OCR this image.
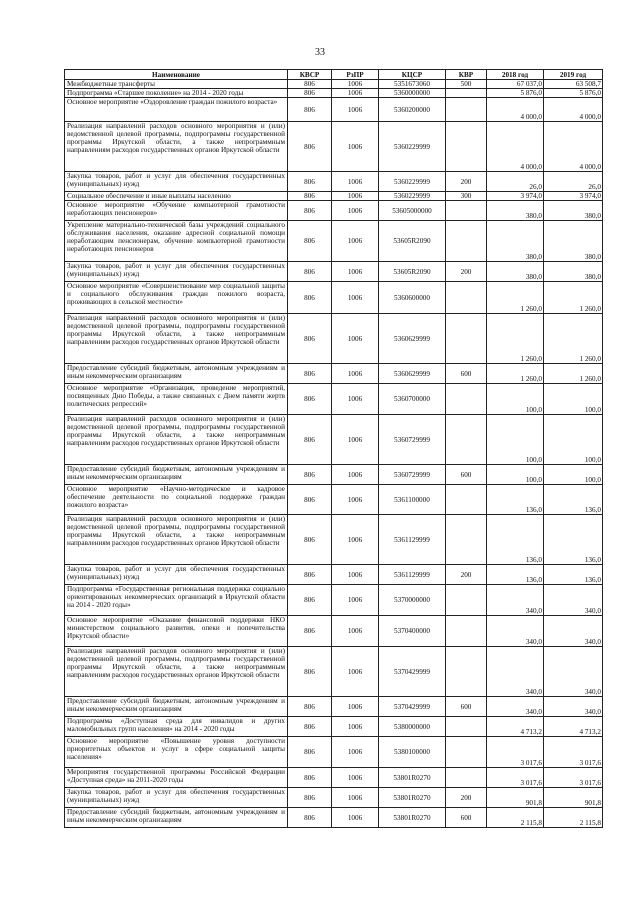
33
Наименование	КВСР	РзПР	КЦСР	КВР	2018 год	2019 год
Межбюджетные трансферты	806	1006	5351673060	500	67 037,0	63 508,7
Подпрограмма «Старшее поколение» на 2014 - 2020 годы	806	1006	5360000000		5 876,0	5 876,0
Основное мероприятие «Оздоровление граждан пожилого возраста»	806	1006	5360200000		4 000,0	4 000,0
Реализация направлений расходов основного мероприятия и (или) ведомственной целевой программы, подпрограммы государственной программы Иркутской области, а также непрограммным направлениям расходов государственных органов Иркутской области	806	1006	5360229999		4 000,0	4 000,0
Закупка товаров, работ и услуг для обеспечения государственных (муниципальных) нужд	806	1006	5360229999	200	26,0	26,0
Социальное обеспечение и иные выплаты населению	806	1006	5360229999	300	3 974,0	3 974,0
Основное мероприятие «Обучение компьютерной грамотности неработающих пенсионеров»	806	1006	53605000000		380,0	380,0
Укрепление материально-технической базы учреждений социального обслуживания населения, оказание адресной социальной помощи неработающим пенсионерам, обучение компьютерной грамотности неработающих пенсионеров	806	1006	53605R2090		380,0	380,0
Закупка товаров, работ и услуг для обеспечения государственных (муниципальных) нужд	806	1006	53605R2090	200	380,0	380,0
Основное мероприятие «Совершенствование мер социальной защиты и социального обслуживания граждан пожилого возраста, проживающих в сельской местности»	806	1006	5360600000		1 260,0	1 260,0
Реализация направлений расходов основного мероприятия и (или) ведомственной целевой программы, подпрограммы государственной программы Иркутской области, а также непрограммным направлениям расходов государственных органов Иркутской области	806	1006	5360629999		1 260,0	1 260,0
Предоставление субсидий бюджетным, автономным учреждениям и иным некоммерческим организациям	806	1006	5360629999	600	1 260,0	1 260,0
Основное мероприятие «Организация, проведение мероприятий, посвященных Дню Победы, а также связанных с Днем памяти жертв политических репрессий»	806	1006	5360700000		100,0	100,0
Реализация направлений расходов основного мероприятия и (или) ведомственной целевой программы, подпрограммы государственной программы Иркутской области, а также непрограммным направлениям расходов государственных органов Иркутской области	806	1006	5360729999		100,0	100,0
Предоставление субсидий бюджетным, автономным учреждениям и иным некоммерческим организациям	806	1006	5360729999	600	100,0	100,0
Основное мероприятие «Научно-методическое и кадровое обеспечение деятельности по социальной поддержке граждан пожилого возраста»	806	1006	5361100000		136,0	136,0
Реализация направлений расходов основного мероприятия и (или) ведомственной целевой программы, подпрограммы государственной программы Иркутской области, а также непрограммным направлениям расходов государственных органов Иркутской области	806	1006	5361129999		136,0	136,0
Закупка товаров, работ и услуг для обеспечения государственных (муниципальных) нужд	806	1006	5361129999	200	136,0	136,0
Подпрограмма «Государственная региональная поддержка социально ориентированных некоммерческих организаций в Иркутской области на 2014 - 2020 годы»	806	1006	5370000000		340,0	340,0
Основное мероприятие «Оказание финансовой поддержки НКО министерством социального развития, опеки и попечительства Иркутской области»	806	1006	5370400000		340,0	340,0
Реализация направлений расходов основного мероприятия и (или) ведомственной целевой программы, подпрограммы государственной программы Иркутской области, а также непрограммным направлениям расходов государственных органов Иркутской области	806	1006	5370429999		340,0	340,0
Предоставление субсидий бюджетным, автономным учреждениям и иным некоммерческим организациям	806	1006	5370429999	600	340,0	340,0
Подпрограмма «Доступная среда для инвалидов и других маломобильных групп населения» на 2014 - 2020 годы	806	1006	5380000000		4 713,2	4 713,2
Основное мероприятие «Повышение уровня доступности приоритетных объектов и услуг в сфере социальной защиты населения»	806	1006	5380100000		3 017,6	3 017,6
Мероприятия государственной программы Российской Федерации «Доступная среда» на 2011-2020 годы	806	1006	53801R0270		3 017,6	3 017,6
Закупка товаров, работ и услуг для обеспечения государственных (муниципальных) нужд	806	1006	53801R0270	200	901,8	901,8
Предоставление субсидий бюджетным, автономным учреждениям и иным некоммерческим организациям	806	1006	53801R0270	600	2 115,8	2 115,8
